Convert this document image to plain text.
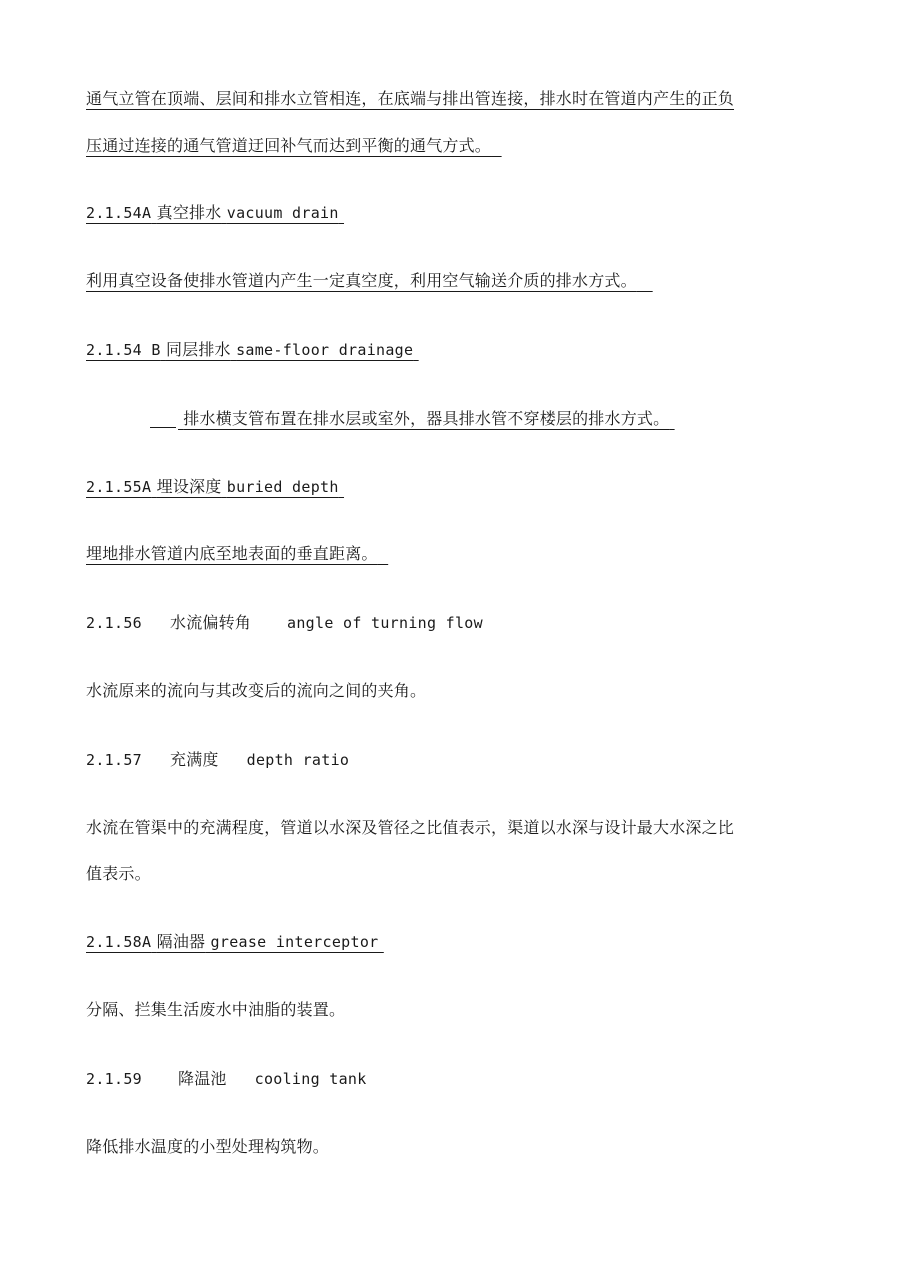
通气立管在顶端、层间和排水立管相连，在底端与排出管连接，排水时在管道内产生的正负
压通过连接的通气管道迂回补气而达到平衡的通气方式。
2.1.54A 真空排水 vacuum drain
利用真空设备使排水管道内产生一定真空度，利用空气输送介质的排水方式。
2.1.54 B 同层排水 same-floor drainage
排水横支管布置在排水层或室外，器具排水管不穿楼层的排水方式。
2.1.55A 埋设深度 buried depth
埋地排水管道内底至地表面的垂直距离。
2.1.56 水流偏转角 angle of turning flow
水流原来的流向与其改变后的流向之间的夹角。
2.1.57 充满度 depth ratio
水流在管渠中的充满程度，管道以水深及管径之比值表示，渠道以水深与设计最大水深之比
值表示。
2.1.58A 隔油器 grease interceptor
分隔、拦集生活废水中油脂的装置。
2.1.59 降温池 cooling tank
降低排水温度的小型处理构筑物。
